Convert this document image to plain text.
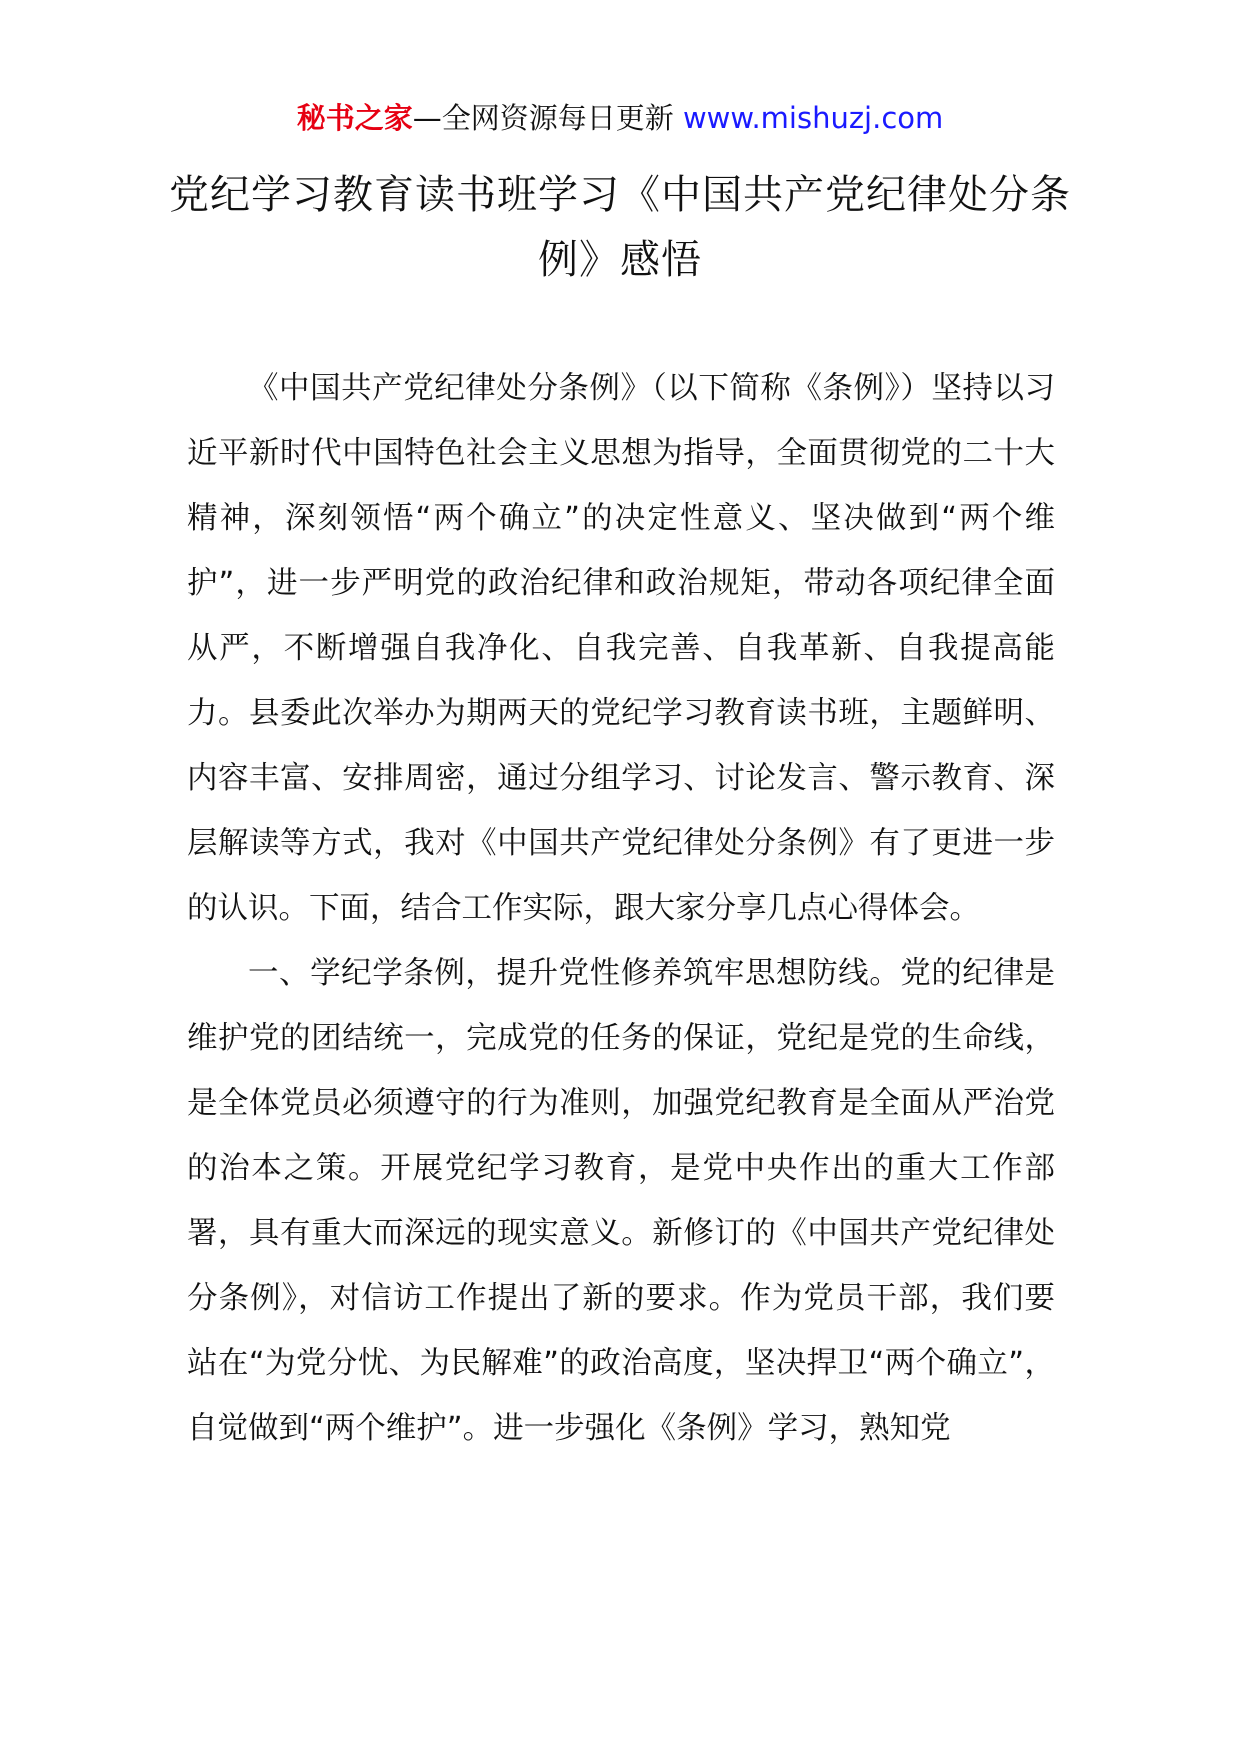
秘书之家—全网资源每日更新 www.mishuzj.com
党纪学习教育读书班学习《中国共产党纪律处分条例》感悟

《中国共产党纪律处分条例》（以下简称《条例》）坚持以习近平新时代中国特色社会主义思想为指导，全面贯彻党的二十大精神，深刻领悟“两个确立”的决定性意义、坚决做到“两个维护”，进一步严明党的政治纪律和政治规矩，带动各项纪律全面从严，不断增强自我净化、自我完善、自我革新、自我提高能力。县委此次举办为期两天的党纪学习教育读书班，主题鲜明、内容丰富、安排周密，通过分组学习、讨论发言、警示教育、深层解读等方式，我对《中国共产党纪律处分条例》有了更进一步的认识。下面，结合工作实际，跟大家分享几点心得体会。

一、学纪学条例，提升党性修养筑牢思想防线。党的纪律是维护党的团结统一，完成党的任务的保证，党纪是党的生命线，是全体党员必须遵守的行为准则，加强党纪教育是全面从严治党的治本之策。开展党纪学习教育，是党中央作出的重大工作部署，具有重大而深远的现实意义。新修订的《中国共产党纪律处分条例》，对信访工作提出了新的要求。作为党员干部，我们要站在“为党分忧、为民解难”的政治高度，坚决捍卫“两个确立”，自觉做到“两个维护”。进一步强化《条例》学习，熟知党
